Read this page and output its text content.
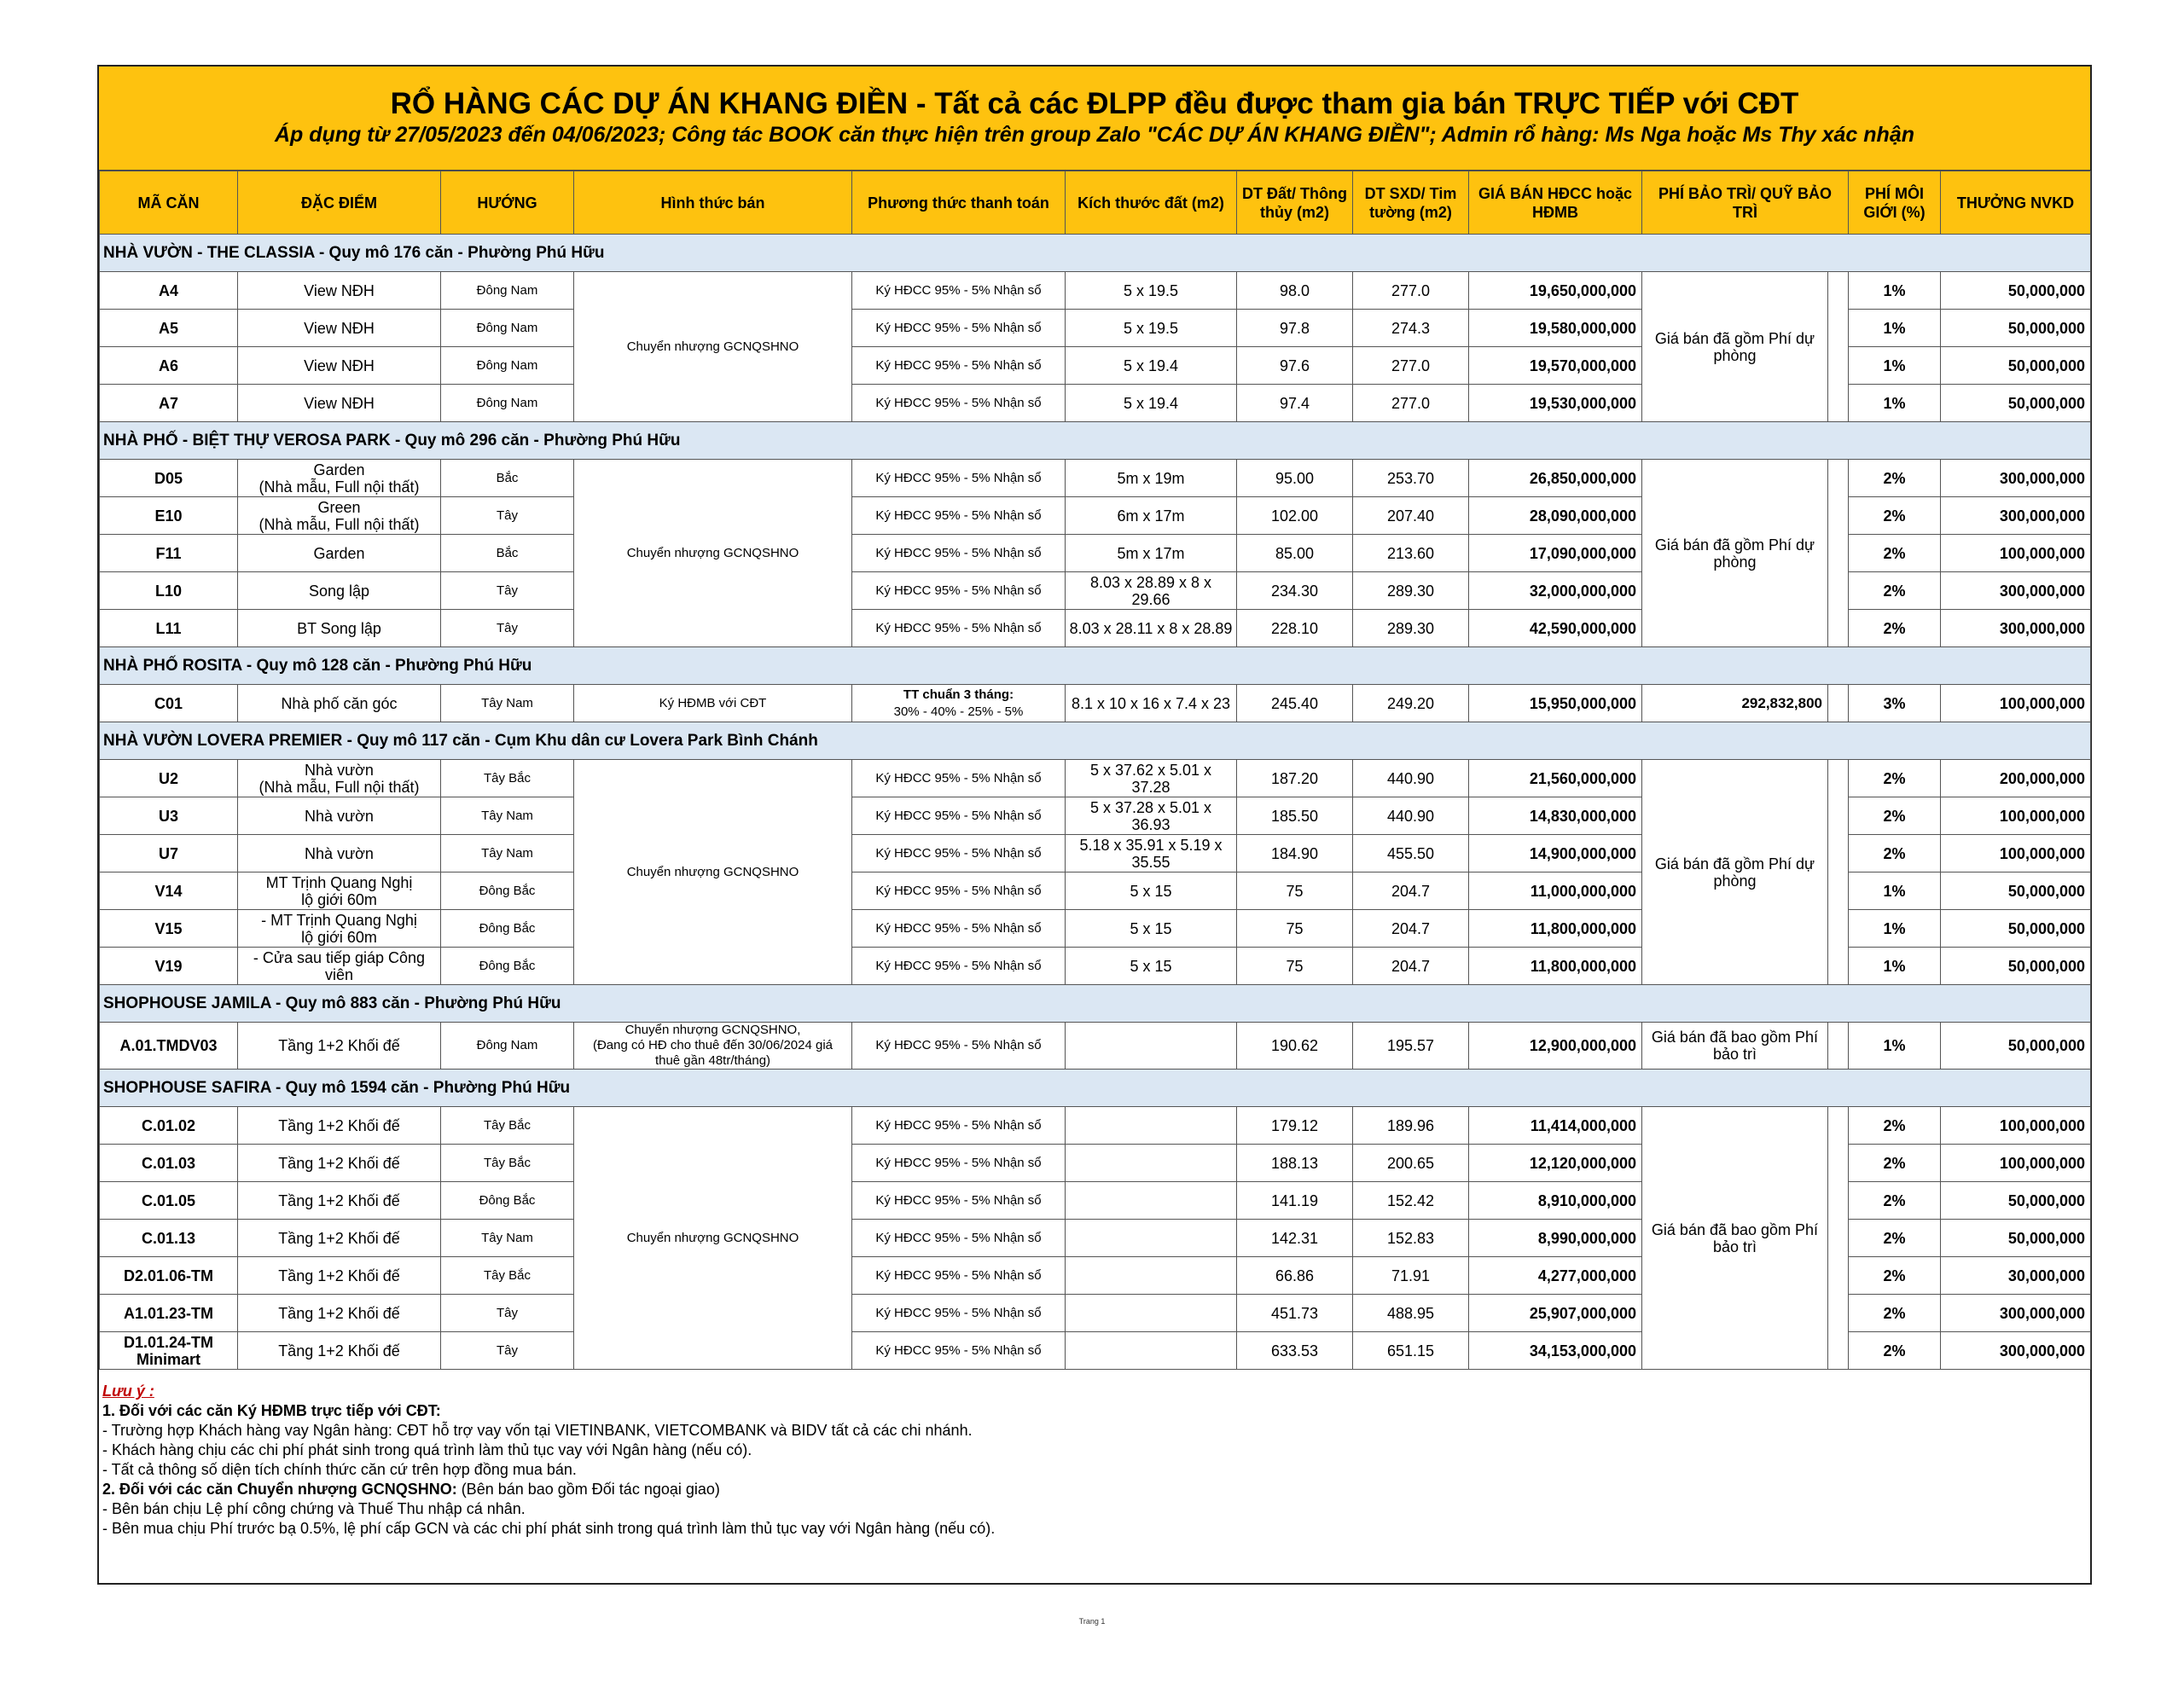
RỔ HÀNG CÁC DỰ ÁN KHANG ĐIỀN - Tất cả các ĐLPP đều được tham gia bán TRỰC TIẾP với CĐT
Áp dụng từ 27/05/2023 đến 04/06/2023; Công tác BOOK căn thực hiện trên group Zalo "CÁC DỰ ÁN KHANG ĐIỀN"; Admin rổ hàng: Ms Nga hoặc Ms Thy xác nhận
MÃ CĂN	ĐẶC ĐIỂM	HƯỚNG	Hình thức bán	Phương thức thanh toán	Kích thước đất (m2)	DT Đất/ Thông thủy (m2)	DT SXD/ Tim tường (m2)	GIÁ BÁN HĐCC hoặc HĐMB	PHÍ BẢO TRÌ/ QUỸ BẢO TRÌ		PHÍ MÔI GIỚI (%)	THƯỞNG NVKD
NHÀ VƯỜN - THE CLASSIA - Quy mô 176 căn - Phường Phú Hữu												
A4	View NĐH	Đông Nam	Chuyển nhượng GCNQSHNO	Ký HĐCC 95% - 5% Nhận sổ	5 x 19.5	98.0	277.0	19,650,000,000	Giá bán đã gồm Phí dự phòng		1%	50,000,000
A5	View NĐH	Đông Nam		Ký HĐCC 95% - 5% Nhận sổ	5 x 19.5	97.8	274.3	19,580,000,000			1%	50,000,000
A6	View NĐH	Đông Nam		Ký HĐCC 95% - 5% Nhận sổ	5 x 19.4	97.6	277.0	19,570,000,000			1%	50,000,000
A7	View NĐH	Đông Nam		Ký HĐCC 95% - 5% Nhận sổ	5 x 19.4	97.4	277.0	19,530,000,000			1%	50,000,000
NHÀ PHỐ - BIỆT THỰ VEROSA PARK - Quy mô 296 căn - Phường Phú Hữu												
D05	Garden
(Nhà mẫu, Full nội thất)	Bắc	Chuyển nhượng GCNQSHNO	Ký HĐCC 95% - 5% Nhận sổ	5m x 19m	95.00	253.70	26,850,000,000	Giá bán đã gồm Phí dự phòng		2%	300,000,000
E10	Green
(Nhà mẫu, Full nội thất)	Tây		Ký HĐCC 95% - 5% Nhận sổ	6m x 17m	102.00	207.40	28,090,000,000			2%	300,000,000
F11	Garden	Bắc		Ký HĐCC 95% - 5% Nhận sổ	5m x 17m	85.00	213.60	17,090,000,000			2%	100,000,000
L10	Song lập	Tây		Ký HĐCC 95% - 5% Nhận sổ	8.03 x 28.89 x 8 x 29.66	234.30	289.30	32,000,000,000			2%	300,000,000
L11	BT Song lập	Tây		Ký HĐCC 95% - 5% Nhận sổ	8.03 x 28.11 x 8 x 28.89	228.10	289.30	42,590,000,000			2%	300,000,000
NHÀ PHỐ ROSITA - Quy mô 128 căn - Phường Phú Hữu												
C01	Nhà phố căn góc	Tây Nam	Ký HĐMB với CĐT	TT chuẩn 3 tháng:
30% - 40% - 25% - 5%	8.1 x 10 x 16 x 7.4 x 23	245.40	249.20	15,950,000,000	292,832,800		3%	100,000,000
NHÀ VƯỜN LOVERA PREMIER - Quy mô 117 căn - Cụm Khu dân cư Lovera Park Bình Chánh												
U2	Nhà vườn
(Nhà mẫu, Full nội thất)	Tây Bắc	Chuyển nhượng GCNQSHNO	Ký HĐCC 95% - 5% Nhận sổ	5 x 37.62 x 5.01 x 37.28	187.20	440.90	21,560,000,000	Giá bán đã gồm Phí dự phòng		2%	200,000,000
U3	Nhà vườn	Tây Nam		Ký HĐCC 95% - 5% Nhận sổ	5 x 37.28 x 5.01 x 36.93	185.50	440.90	14,830,000,000			2%	100,000,000
U7	Nhà vườn	Tây Nam		Ký HĐCC 95% - 5% Nhận sổ	5.18 x 35.91 x 5.19 x 35.55	184.90	455.50	14,900,000,000			2%	100,000,000
V14	MT Trịnh Quang Nghị
lộ giới 60m	Đông Bắc		Ký HĐCC 95% - 5% Nhận sổ	5 x 15	75	204.7	11,000,000,000			1%	50,000,000
V15	- MT Trịnh Quang Nghị
lộ giới 60m	Đông Bắc		Ký HĐCC 95% - 5% Nhận sổ	5 x 15	75	204.7	11,800,000,000			1%	50,000,000
V19	- Cửa sau tiếp giáp Công
viên	Đông Bắc		Ký HĐCC 95% - 5% Nhận sổ	5 x 15	75	204.7	11,800,000,000			1%	50,000,000
SHOPHOUSE JAMILA - Quy mô 883 căn - Phường Phú Hữu												
A.01.TMDV03	Tầng 1+2 Khối đế	Đông Nam	Chuyển nhượng GCNQSHNO,
(Đang có HĐ cho thuê đến 30/06/2024 giá
thuê gần 48tr/tháng)	Ký HĐCC 95% - 5% Nhận sổ		190.62	195.57	12,900,000,000	Giá bán đã bao gồm Phí bảo trì		1%	50,000,000
SHOPHOUSE SAFIRA - Quy mô 1594 căn - Phường Phú Hữu												
C.01.02	Tầng 1+2 Khối đế	Tây Bắc	Chuyển nhượng GCNQSHNO	Ký HĐCC 95% - 5% Nhận sổ		179.12	189.96	11,414,000,000	Giá bán đã bao gồm Phí bảo trì		2%	100,000,000
C.01.03	Tầng 1+2 Khối đế	Tây Bắc		Ký HĐCC 95% - 5% Nhận sổ		188.13	200.65	12,120,000,000			2%	100,000,000
C.01.05	Tầng 1+2 Khối đế	Đông Bắc		Ký HĐCC 95% - 5% Nhận sổ		141.19	152.42	8,910,000,000			2%	50,000,000
C.01.13	Tầng 1+2 Khối đế	Tây Nam		Ký HĐCC 95% - 5% Nhận sổ		142.31	152.83	8,990,000,000			2%	50,000,000
D2.01.06-TM	Tầng 1+2 Khối đế	Tây Bắc		Ký HĐCC 95% - 5% Nhận sổ		66.86	71.91	4,277,000,000			2%	30,000,000
A1.01.23-TM	Tầng 1+2 Khối đế	Tây		Ký HĐCC 95% - 5% Nhận sổ		451.73	488.95	25,907,000,000			2%	300,000,000
D1.01.24-TM
Minimart	Tầng 1+2 Khối đế	Tây		Ký HĐCC 95% - 5% Nhận sổ		633.53	651.15	34,153,000,000			2%	300,000,000
Lưu ý :
1. Đối với các căn Ký HĐMB trực tiếp với CĐT:
- Trường hợp Khách hàng vay Ngân hàng: CĐT hỗ trợ vay vốn tại VIETINBANK, VIETCOMBANK và BIDV tất cả các chi nhánh.
- Khách hàng chịu các chi phí phát sinh trong quá trình làm thủ tục vay với Ngân hàng (nếu có).
- Tất cả thông số diện tích chính thức căn cứ trên hợp đồng mua bán.
2. Đối với các căn Chuyển nhượng GCNQSHNO: (Bên bán bao gồm Đối tác ngoại giao)
- Bên bán chịu Lệ phí công chứng và Thuế Thu nhập cá nhân.
- Bên mua chịu Phí trước bạ 0.5%, lệ phí cấp GCN và các chi phí phát sinh trong quá trình làm thủ tục vay với Ngân hàng (nếu có).
Trang 1
